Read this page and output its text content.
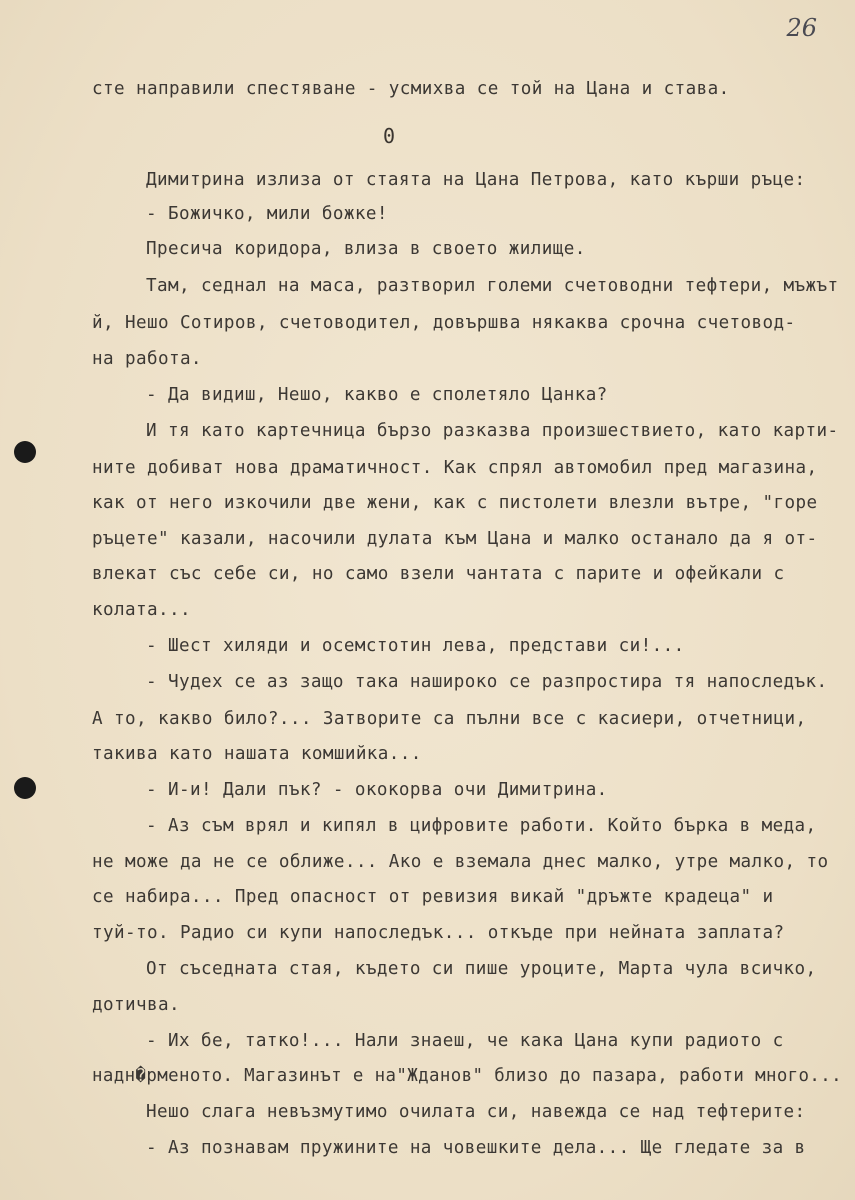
26
сте направили спестяване - усмихва се той на Цана и става.
0
Димитрина излиза от стаята на Цана Петрова, като кърши ръце:
- Божичко, мили божке!
Пресича коридора, влиза в своето жилище.
Там, седнал на маса, разтворил големи счетоводни тефтери, мъжът
й, Нешо Сотиров, счетоводител, довършва някаква срочна счетовод-
на работа.
- Да видиш, Нешо, какво е сполетяло Цанка?
И тя като картечница бързо разказва произшествието, като карти-
ните добиват нова драматичност. Как спрял автомобил пред магазина,
как от него изкочили две жени, как с пистолети влезли вътре, "горе
ръцете" казали, насочили дулата към Цана и малко останало да я от-
влекат със себе си, но само взели чантата с парите и офейкали с
колата...
- Шест хиляди и осемстотин лева, представи си!...
- Чудех се аз защо така нашироко се разпростира тя напоследък.
А то, какво било?... Затворите са пълни все с касиери, отчетници,
такива като нашата комшийка...
- И-и! Дали пък? - ококорва очи Димитрина.
- Аз съм врял и кипял в цифровите работи. Който бърка в меда,
не може да не се оближе... Ако е вземала днес малко, утре малко, то
се набира... Пред опасност от ревизия викай "дръжте крадеца" и
туй-то. Радио си купи напоследък... откъде при нейната заплата?
От съседната стая, където си пише уроците, Марта чула всичко,
дотичва.
- Их бе, татко!... Нали знаеш, че кака Цана купи радиото с
надн�рменото. Магазинът е на"Жданов" близо до пазара, работи много...
Нешо слага невъзмутимо очилата си, навежда се над тефтерите:
- Аз познавам пружините на човешките дела... Ще гледате за в
